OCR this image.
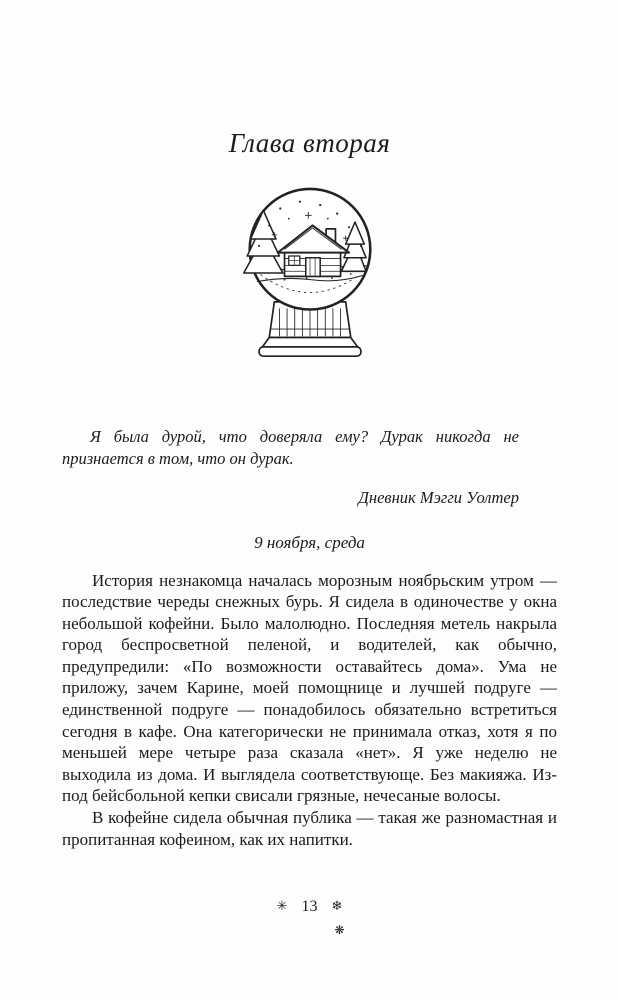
Глава вторая

Я была дурой, что доверяла ему? Дурак никогда не признается в том, что он дурак.

Дневник Мэгги Уолтер

9 ноября, среда

История незнакомца началась морозным ноябрьским утром — последствие череды снежных бурь. Я сидела в одиночестве у окна небольшой кофейни. Было малолюдно. Последняя метель накрыла город беспросветной пеленой, и водителей, как обычно, предупредили: «По возможности оставайтесь дома». Ума не приложу, зачем Карине, моей помощнице и лучшей подруге — единственной подруге — понадобилось обязательно встретиться сегодня в кафе. Она категорически не принимала отказ, хотя я по меньшей мере четыре раза сказала «нет». Я уже неделю не выходила из дома. И выглядела соответствующе. Без макияжа. Из-под бейсбольной кепки свисали грязные, нечесаные волосы.

В кофейне сидела обычная публика — такая же разномастная и пропитанная кофеином, как их напитки.

✳ 13 ❄
❋
